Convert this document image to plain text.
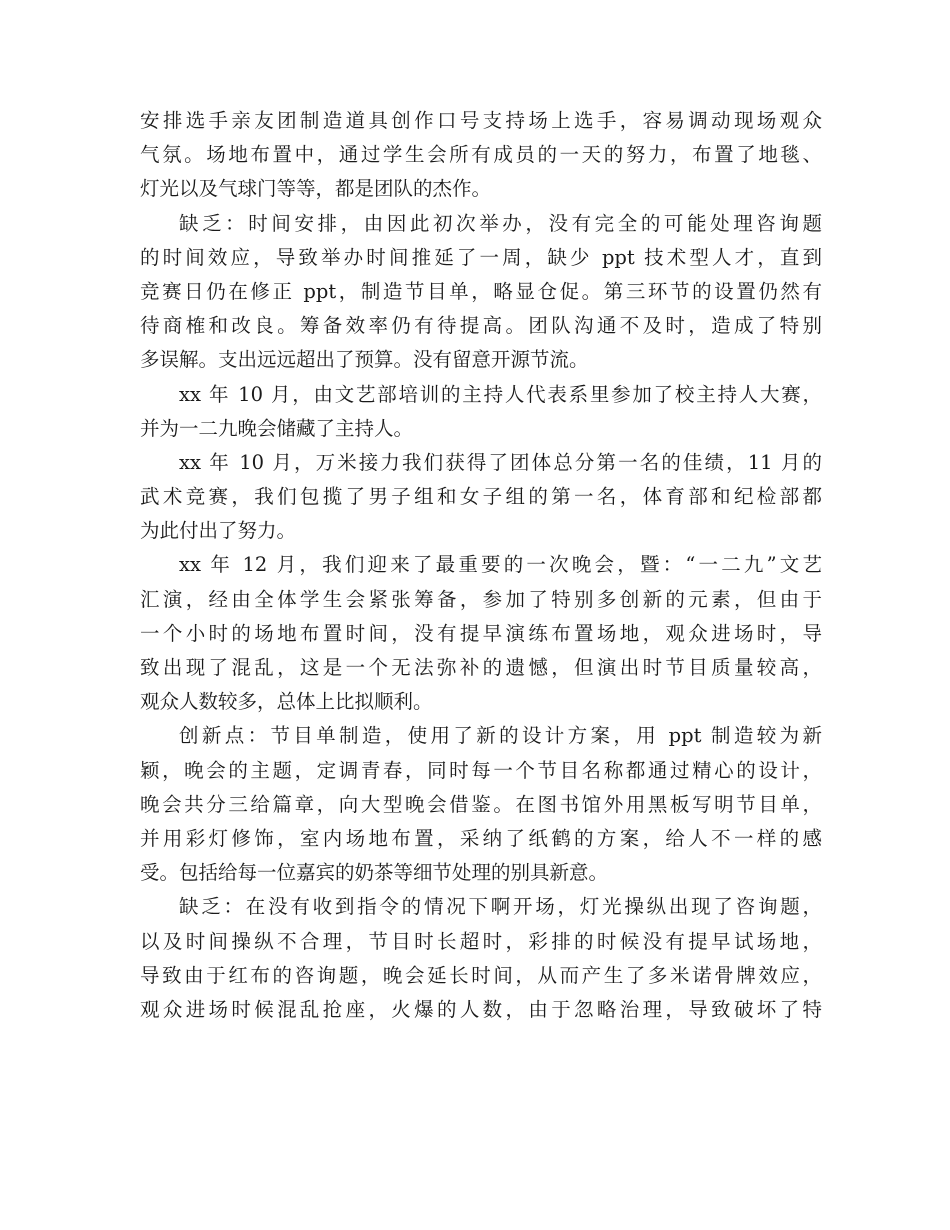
安排选手亲友团制造道具创作口号支持场上选手，容易调动现场观众
气氛。场地布置中，通过学生会所有成员的一天的努力，布置了地毯、
灯光以及气球门等等，都是团队的杰作。
缺乏：时间安排，由因此初次举办，没有完全的可能处理咨询题
的时间效应，导致举办时间推延了一周，缺少 ppt 技术型人才，直到
竞赛日仍在修正 ppt，制造节目单，略显仓促。第三环节的设置仍然有
待商榷和改良。筹备效率仍有待提高。团队沟通不及时，造成了特别
多误解。支出远远超出了预算。没有留意开源节流。
xx 年 10 月，由文艺部培训的主持人代表系里参加了校主持人大赛，
并为一二九晚会储藏了主持人。
xx 年 10 月，万米接力我们获得了团体总分第一名的佳绩，11 月的
武术竞赛，我们包揽了男子组和女子组的第一名，体育部和纪检部都
为此付出了努力。
xx 年 12 月，我们迎来了最重要的一次晚会，暨：“一二九”文艺
汇演，经由全体学生会紧张筹备，参加了特别多创新的元素，但由于
一个小时的场地布置时间，没有提早演练布置场地，观众进场时，导
致出现了混乱，这是一个无法弥补的遗憾，但演出时节目质量较高，
观众人数较多，总体上比拟顺利。
创新点：节目单制造，使用了新的设计方案，用 ppt 制造较为新
颖，晚会的主题，定调青春，同时每一个节目名称都通过精心的设计，
晚会共分三给篇章，向大型晚会借鉴。在图书馆外用黑板写明节目单，
并用彩灯修饰，室内场地布置，采纳了纸鹤的方案，给人不一样的感
受。包括给每一位嘉宾的奶茶等细节处理的别具新意。
缺乏：在没有收到指令的情况下啊开场，灯光操纵出现了咨询题，
以及时间操纵不合理，节目时长超时，彩排的时候没有提早试场地，
导致由于红布的咨询题，晚会延长时间，从而产生了多米诺骨牌效应，
观众进场时候混乱抢座，火爆的人数，由于忽略治理，导致破坏了特
